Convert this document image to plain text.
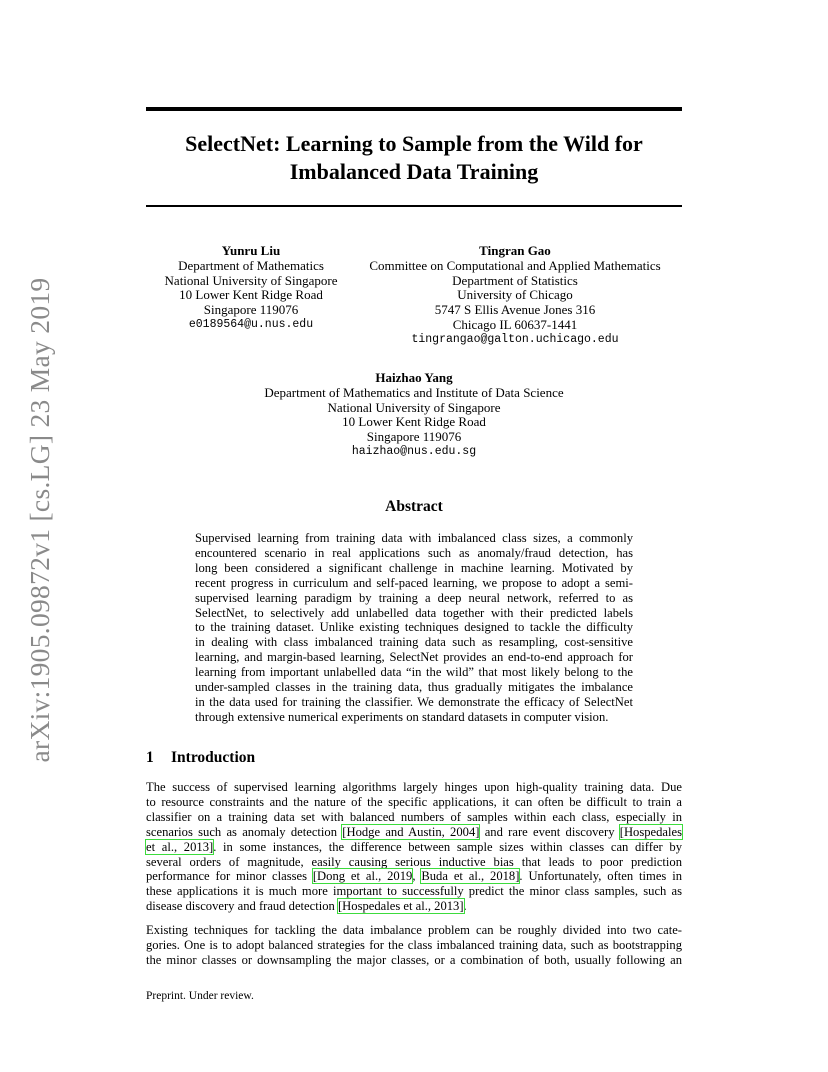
arXiv:1905.09872v1 [cs.LG] 23 May 2019
SelectNet: Learning to Sample from the Wild for
Imbalanced Data Training
Yunru Liu
Department of Mathematics
National University of Singapore
10 Lower Kent Ridge Road
Singapore 119076
e0189564@u.nus.edu
Tingran Gao
Committee on Computational and Applied Mathematics
Department of Statistics
University of Chicago
5747 S Ellis Avenue Jones 316
Chicago IL 60637-1441
tingrangao@galton.uchicago.edu
Haizhao Yang
Department of Mathematics and Institute of Data Science
National University of Singapore
10 Lower Kent Ridge Road
Singapore 119076
haizhao@nus.edu.sg
Abstract
Supervised learning from training data with imbalanced class sizes, a commonly
encountered scenario in real applications such as anomaly/fraud detection, has
long been considered a significant challenge in machine learning. Motivated by
recent progress in curriculum and self-paced learning, we propose to adopt a semi-
supervised learning paradigm by training a deep neural network, referred to as
SelectNet, to selectively add unlabelled data together with their predicted labels
to the training dataset. Unlike existing techniques designed to tackle the difficulty
in dealing with class imbalanced training data such as resampling, cost-sensitive
learning, and margin-based learning, SelectNet provides an end-to-end approach for
learning from important unlabelled data “in the wild” that most likely belong to the
under-sampled classes in the training data, thus gradually mitigates the imbalance
in the data used for training the classifier. We demonstrate the efficacy of SelectNet
through extensive numerical experiments on standard datasets in computer vision.
1 Introduction
The success of supervised learning algorithms largely hinges upon high-quality training data. Due
to resource constraints and the nature of the specific applications, it can often be difficult to train a
classifier on a training data set with balanced numbers of samples within each class, especially in
scenarios such as anomaly detection [Hodge and Austin, 2004] and rare event discovery [Hospedales
et al., 2013]. in some instances, the difference between sample sizes within classes can differ by
several orders of magnitude, easily causing serious inductive bias that leads to poor prediction
performance for minor classes [Dong et al., 2019, Buda et al., 2018]. Unfortunately, often times in
these applications it is much more important to successfully predict the minor class samples, such as
disease discovery and fraud detection [Hospedales et al., 2013].
Existing techniques for tackling the data imbalance problem can be roughly divided into two cate-
gories. One is to adopt balanced strategies for the class imbalanced training data, such as bootstrapping
the minor classes or downsampling the major classes, or a combination of both, usually following an
Preprint. Under review.
